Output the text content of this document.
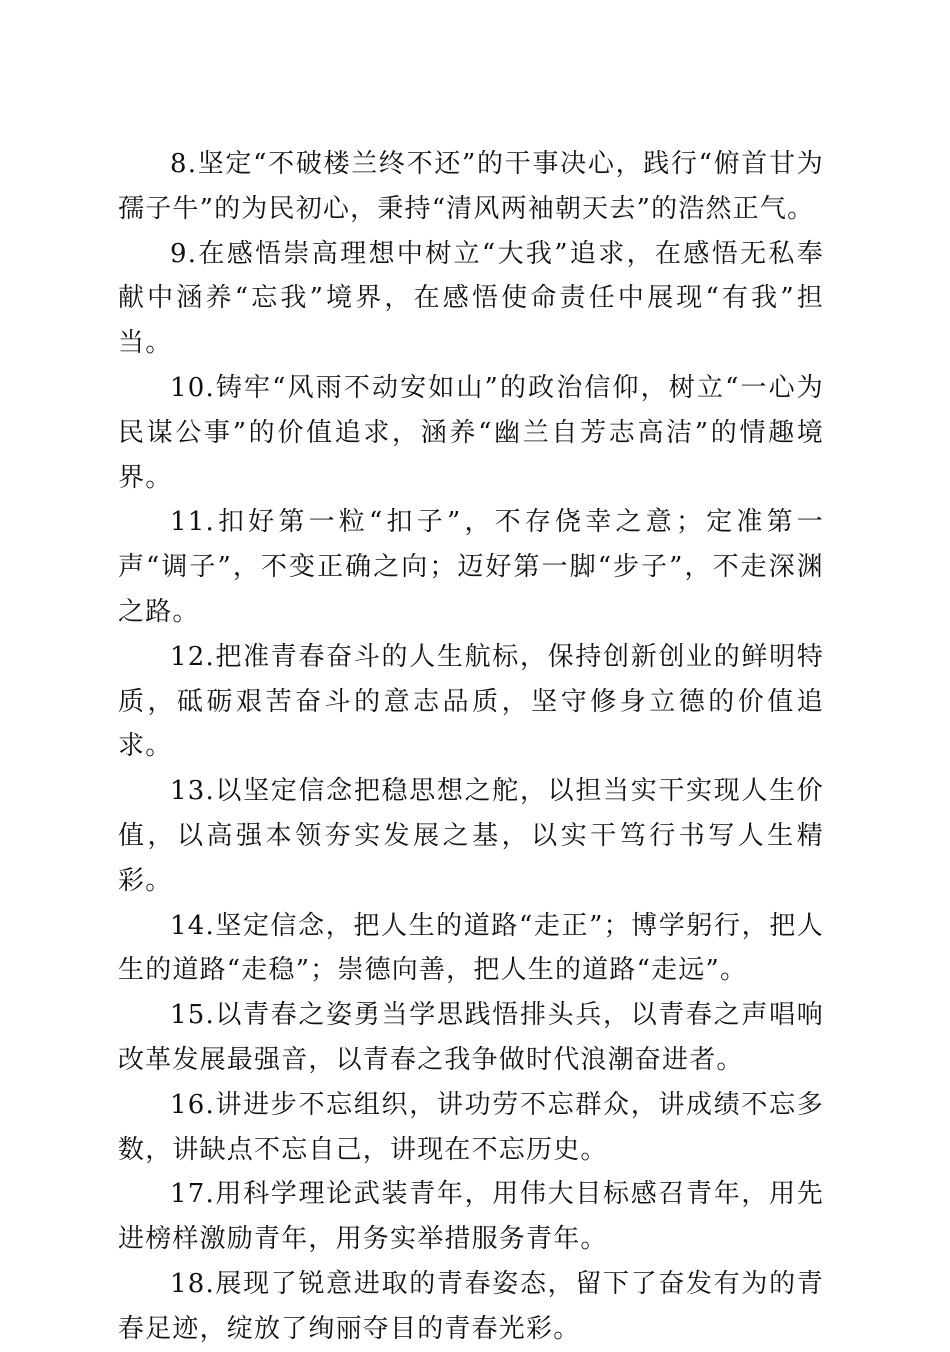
8.坚定“不破楼兰终不还”的干事决心，践行“俯首甘为孺子牛”的为民初心，秉持“清风两袖朝天去”的浩然正气。

9.在感悟崇高理想中树立“大我”追求，在感悟无私奉献中涵养“忘我”境界，在感悟使命责任中展现“有我”担当。

10.铸牢“风雨不动安如山”的政治信仰，树立“一心为民谋公事”的价值追求，涵养“幽兰自芳志高洁”的情趣境界。

11.扣好第一粒“扣子”，不存侥幸之意；定准第一声“调子”，不变正确之向；迈好第一脚“步子”，不走深渊之路。

12.把准青春奋斗的人生航标，保持创新创业的鲜明特质，砥砺艰苦奋斗的意志品质，坚守修身立德的价值追求。

13.以坚定信念把稳思想之舵，以担当实干实现人生价值，以高强本领夯实发展之基，以实干笃行书写人生精彩。

14.坚定信念，把人生的道路“走正”；博学躬行，把人生的道路“走稳”；崇德向善，把人生的道路“走远”。

15.以青春之姿勇当学思践悟排头兵，以青春之声唱响改革发展最强音，以青春之我争做时代浪潮奋进者。

16.讲进步不忘组织，讲功劳不忘群众，讲成绩不忘多数，讲缺点不忘自己，讲现在不忘历史。

17.用科学理论武装青年，用伟大目标感召青年，用先进榜样激励青年，用务实举措服务青年。

18.展现了锐意进取的青春姿态，留下了奋发有为的青春足迹，绽放了绚丽夺目的青春光彩。
